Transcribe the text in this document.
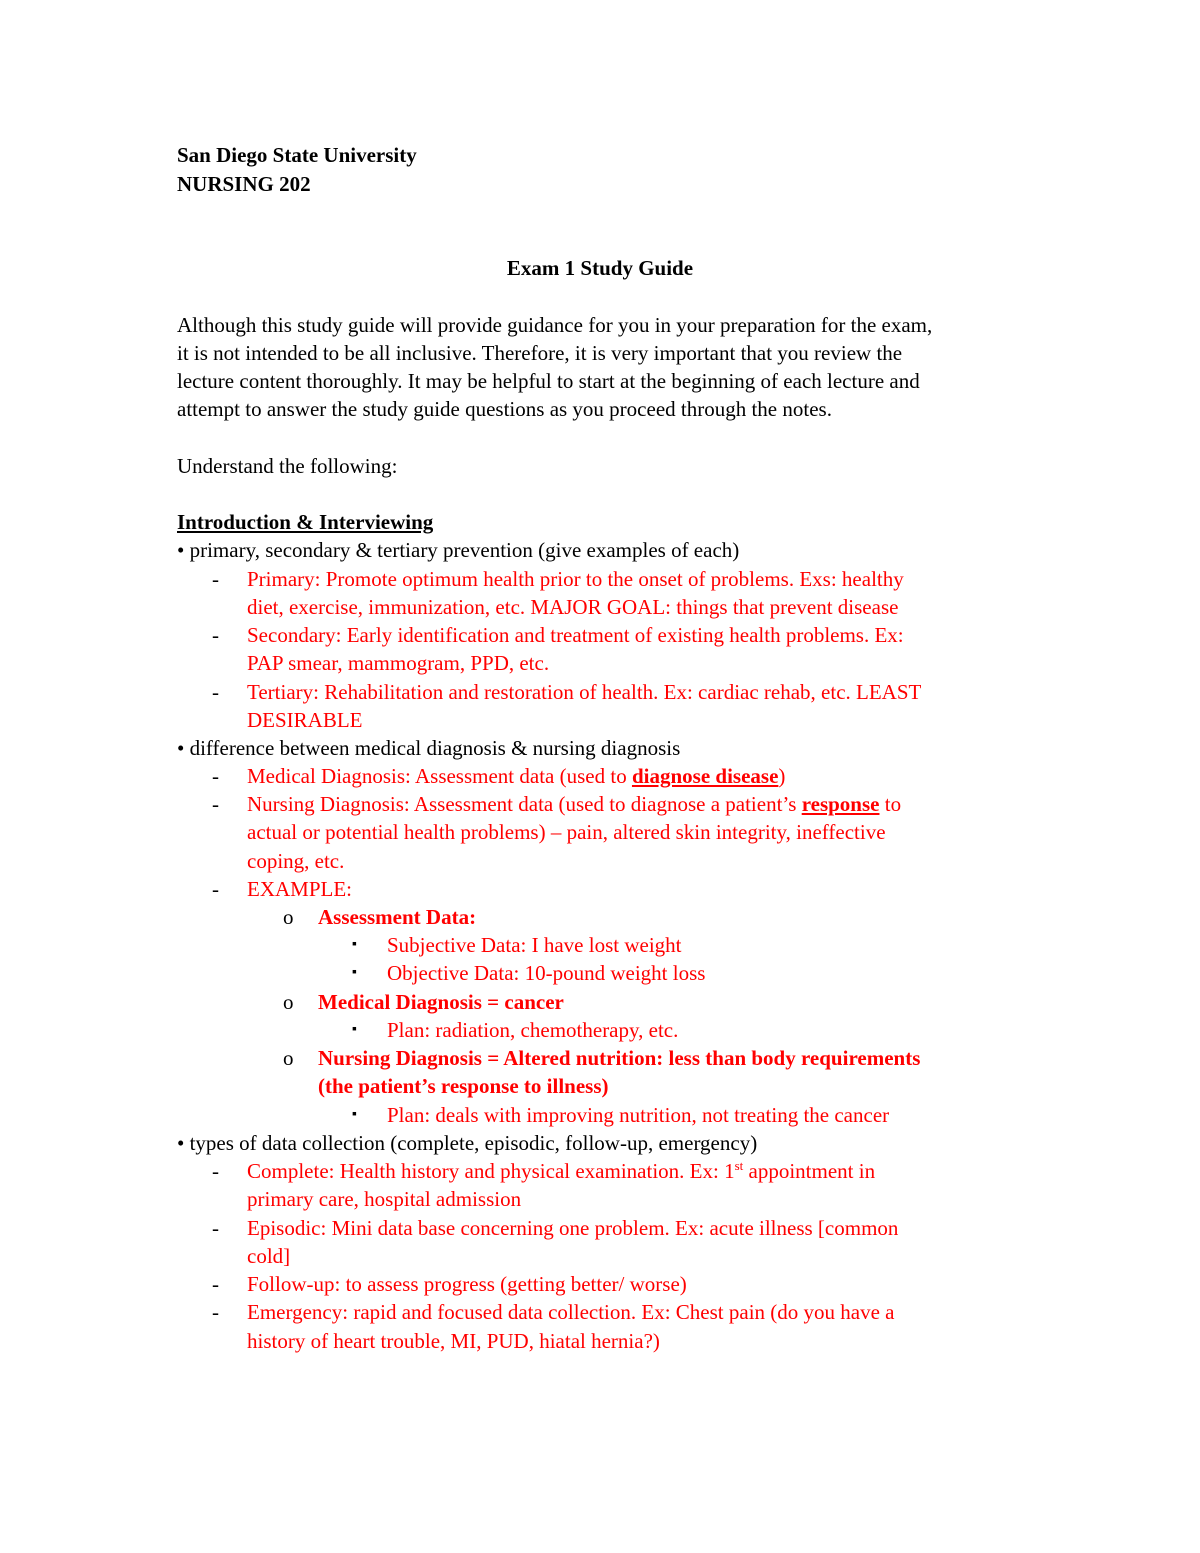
San Diego State University
NURSING 202
Exam 1 Study Guide
Although this study guide will provide guidance for you in your preparation for the exam,
it is not intended to be all inclusive. Therefore, it is very important that you review the
lecture content thoroughly. It may be helpful to start at the beginning of each lecture and
attempt to answer the study guide questions as you proceed through the notes.
Understand the following:
Introduction & Interviewing
• primary, secondary & tertiary prevention (give examples of each)
- Primary: Promote optimum health prior to the onset of problems. Exs: healthy
diet, exercise, immunization, etc. MAJOR GOAL: things that prevent disease
- Secondary: Early identification and treatment of existing health problems. Ex:
PAP smear, mammogram, PPD, etc.
- Tertiary: Rehabilitation and restoration of health. Ex: cardiac rehab, etc. LEAST
DESIRABLE
• difference between medical diagnosis & nursing diagnosis
- Medical Diagnosis: Assessment data (used to diagnose disease)
- Nursing Diagnosis: Assessment data (used to diagnose a patient’s response to
actual or potential health problems) – pain, altered skin integrity, ineffective
coping, etc.
- EXAMPLE:
o Assessment Data:
▪ Subjective Data: I have lost weight
▪ Objective Data: 10-pound weight loss
o Medical Diagnosis = cancer
▪ Plan: radiation, chemotherapy, etc.
o Nursing Diagnosis = Altered nutrition: less than body requirements
(the patient’s response to illness)
▪ Plan: deals with improving nutrition, not treating the cancer
• types of data collection (complete, episodic, follow-up, emergency)
- Complete: Health history and physical examination. Ex: 1st appointment in
primary care, hospital admission
- Episodic: Mini data base concerning one problem. Ex: acute illness [common
cold]
- Follow-up: to assess progress (getting better/ worse)
- Emergency: rapid and focused data collection. Ex: Chest pain (do you have a
history of heart trouble, MI, PUD, hiatal hernia?)
